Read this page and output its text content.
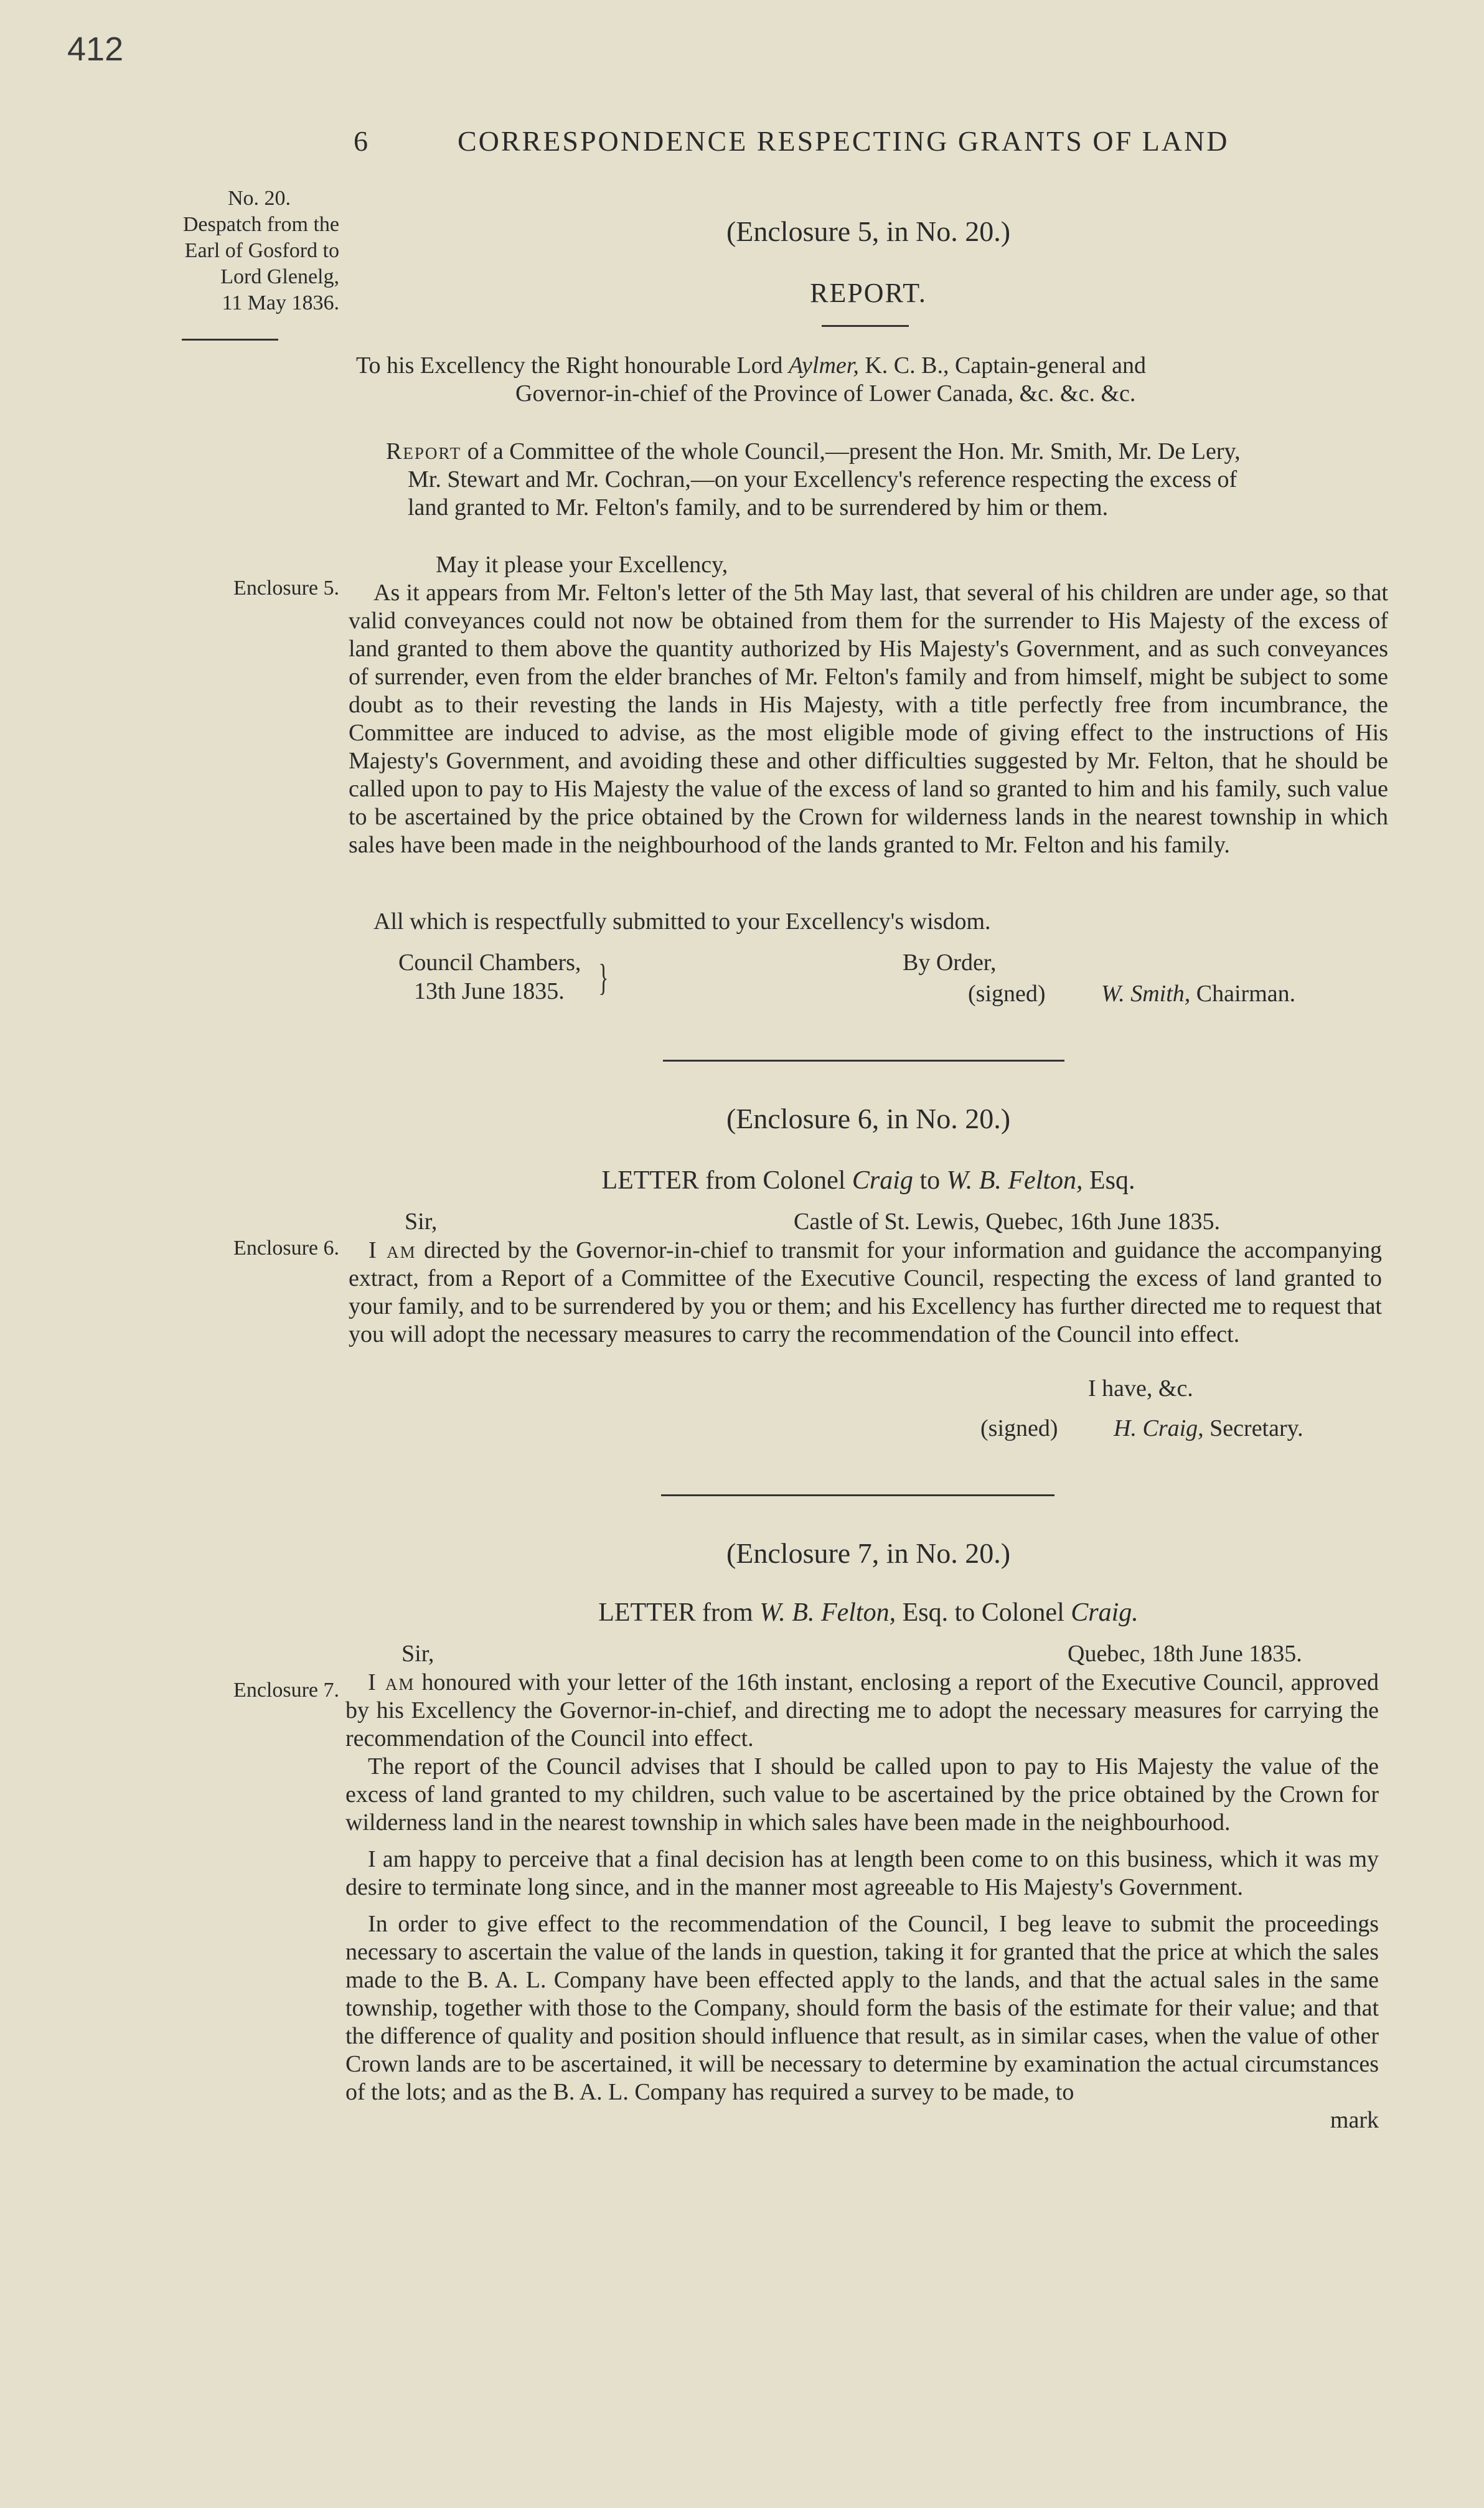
412
6	CORRESPONDENCE RESPECTING GRANTS OF LAND
No. 20.
Despatch from the
Earl of Gosford to
Lord Glenelg,
11 May 1836.
Enclosure 5.
Enclosure 6.
Enclosure 7.
(Enclosure 5, in No. 20.)
REPORT.
To his Excellency the Right honourable Lord Aylmer, K. C. B., Captain-general and
Governor-in-chief of the Province of Lower Canada, &c. &c. &c.
Report of a Committee of the whole Council,—present the Hon. Mr. Smith, Mr. De Lery,
Mr. Stewart and Mr. Cochran,—on your Excellency's reference respecting the excess of
land granted to Mr. Felton's family, and to be surrendered by him or them.
May it please your Excellency,
As it appears from Mr. Felton's letter of the 5th May last, that several of his children are under age, so that valid conveyances could not now be obtained from them for the surrender to His Majesty of the excess of land granted to them above the quantity authorized by His Majesty's Government, and as such conveyances of surrender, even from the elder branches of Mr. Felton's family and from himself, might be subject to some doubt as to their revesting the lands in His Majesty, with a title perfectly free from incumbrance, the Committee are induced to advise, as the most eligible mode of giving effect to the instructions of His Majesty's Government, and avoiding these and other difficulties suggested by Mr. Felton, that he should be called upon to pay to His Majesty the value of the excess of land so granted to him and his family, such value to be ascertained by the price obtained by the Crown for wilderness lands in the nearest township in which sales have been made in the neighbourhood of the lands granted to Mr. Felton and his family.
All which is respectfully submitted to your Excellency's wisdom.
Council Chambers,
13th June 1835. }	By Order,
(signed) W. Smith, Chairman.
(Enclosure 6, in No. 20.)
LETTER from Colonel Craig to W. B. Felton, Esq.
Sir,	Castle of St. Lewis, Quebec, 16th June 1835.
I am directed by the Governor-in-chief to transmit for your information and guidance the accompanying extract, from a Report of a Committee of the Executive Council, respecting the excess of land granted to your family, and to be surrendered by you or them; and his Excellency has further directed me to request that you will adopt the necessary measures to carry the recommendation of the Council into effect.
I have, &c.
(signed) H. Craig, Secretary.
(Enclosure 7, in No. 20.)
LETTER from W. B. Felton, Esq. to Colonel Craig.
Sir,	Quebec, 18th June 1835.

I am honoured with your letter of the 16th instant, enclosing a report of the Executive Council, approved by his Excellency the Governor-in-chief, and directing me to adopt the necessary measures for carrying the recommendation of the Council into effect.

The report of the Council advises that I should be called upon to pay to His Majesty the value of the excess of land granted to my children, such value to be ascertained by the price obtained by the Crown for wilderness land in the nearest township in which sales have been made in the neighbourhood.

I am happy to perceive that a final decision has at length been come to on this business, which it was my desire to terminate long since, and in the manner most agreeable to His Majesty's Government.

In order to give effect to the recommendation of the Council, I beg leave to submit the proceedings necessary to ascertain the value of the lands in question, taking it for granted that the price at which the sales made to the B. A. L. Company have been effected apply to the lands, and that the actual sales in the same township, together with those to the Company, should form the basis of the estimate for their value; and that the difference of quality and position should influence that result, as in similar cases, when the value of other Crown lands are to be ascertained, it will be necessary to determine by examination the actual circumstances of the lots; and as the B. A. L. Company has required a survey to be made, to

mark
